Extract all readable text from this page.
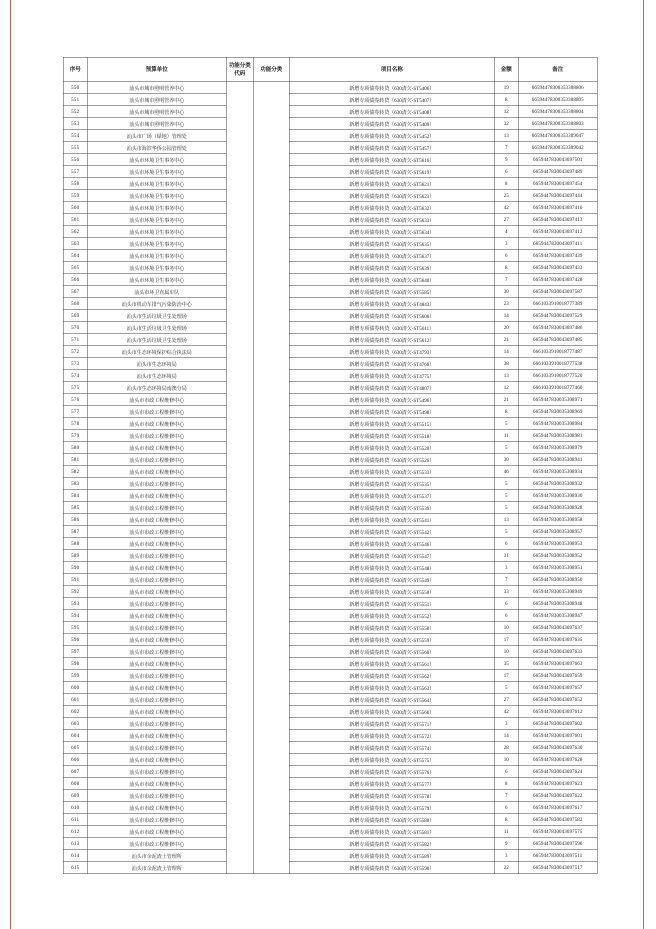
序号	预算单位	功能分类代码	功能分类	项目名称	金额	备注
550	汕头市城市照明管养中心			新增专项债券转贷（630清欠-ST5406）	19	66594478300353308806
551	汕头市城市照明管养中心			新增专项债券转贷（630清欠-ST5407）	8	66594478300353308805
552	汕头市城市照明管养中心			新增专项债券转贷（630清欠-ST5408）	12	66594478300353308804
553	汕头市城市照明管养中心			新增专项债券转贷（630清欠-ST5409）	32	66594478300353308803
554	汕头市广场（绿地）管理处			新增专项债券转贷（630清欠-ST5452）	13	66594478300353309047
555	汕头市海滨华侨公园管理处			新增专项债券转贷（630清欠-ST5457）	7	66594478300353309042
556	汕头市环境卫生事务中心			新增专项债券转贷（630清欠-ST5616）	9	6659447830043697501
557	汕头市环境卫生事务中心			新增专项债券转贷（630清欠-ST5619）	6	6659447830043697489
558	汕头市环境卫生事务中心			新增专项债券转贷（630清欠-ST5621）	8	6659447830043697454
559	汕头市环境卫生事务中心			新增专项债券转贷（630清欠-ST5623）	25	6659447830043697444
560	汕头市环境卫生事务中心			新增专项债券转贷（630清欠-ST5632）	42	6659447830043697416
561	汕头市环境卫生事务中心			新增专项债券转贷（630清欠-ST5633）	27	6659447830043697413
562	汕头市环境卫生事务中心			新增专项债券转贷（630清欠-ST5634）	4	6659447830043697412
563	汕头市环境卫生事务中心			新增专项债券转贷（630清欠-ST5635）	3	6659447830043697411
564	汕头市环境卫生事务中心			新增专项债券转贷（630清欠-ST5637）	6	6659447830043697439
565	汕头市环境卫生事务中心			新增专项债券转贷（630清欠-ST5639）	8	6659447830043697433
566	汕头市环境卫生事务中心			新增专项债券转贷（630清欠-ST5640）	7	6659447830043697428
567	汕头市环卫直属车队			新增专项债券转贷（630清欠-ST5585）	30	6659447830043697587
568	汕头市机动车排气污染防治中心			新增专项债券转贷（630清欠-ST4843）	23	6661033910018777389
569	汕头市生活垃圾卫生处理场			新增专项债券转贷（630清欠-ST5606）	14	6659447830043697529
570	汕头市生活垃圾卫生处理场			新增专项债券转贷（630清欠-ST5611）	20	6659447830043697486
571	汕头市生活垃圾卫生处理场			新增专项债券转贷（630清欠-ST5612）	21	6659447830043697485
572	汕头市生态环境保护综合执法局			新增专项债券转贷（630清欠-ST4793）	14	6661033910018777487
573	汕头市生态环境局			新增专项债券转贷（630清欠-ST4768）	38	6661033910018777538
574	汕头市生态环境局			新增专项债券转贷（630清欠-ST4775）	13	6661033910018777520
575	汕头市生态环境局南澳分局			新增专项债券转贷（630清欠-ST4807）	12	6661033910018777460
576	汕头市市政工程维修中心			新增专项债券转贷（630清欠-ST5496）	21	6659447830035308971
577	汕头市市政工程维修中心			新增专项债券转贷（630清欠-ST5498）	8	6659447830035308969
578	汕头市市政工程维修中心			新增专项债券转贷（630清欠-ST5515）	5	6659447830035308984
579	汕头市市政工程维修中心			新增专项债券转贷（630清欠-ST5518）	11	6659447830035308981
580	汕头市市政工程维修中心			新增专项债券转贷（630清欠-ST5520）	5	6659447830035308979
581	汕头市市政工程维修中心			新增专项债券转贷（630清欠-ST5526）	30	6659447830035308941
582	汕头市市政工程维修中心			新增专项债券转贷（630清欠-ST5533）	46	6659447830035308934
583	汕头市市政工程维修中心			新增专项债券转贷（630清欠-ST5535）	5	6659447830035308932
584	汕头市市政工程维修中心			新增专项债券转贷（630清欠-ST5537）	5	6659447830035308930
585	汕头市市政工程维修中心			新增专项债券转贷（630清欠-ST5539）	5	6659447830035308928
586	汕头市市政工程维修中心			新增专项债券转贷（630清欠-ST5541）	13	6659447830035308958
587	汕头市市政工程维修中心			新增专项债券转贷（630清欠-ST5542）	5	6659447830035308957
588	汕头市市政工程维修中心			新增专项债券转贷（630清欠-ST5546）	6	6659447830035308953
589	汕头市市政工程维修中心			新增专项债券转贷（630清欠-ST5547）	31	6659447830035308952
590	汕头市市政工程维修中心			新增专项债券转贷（630清欠-ST5548）	3	6659447830035308951
591	汕头市市政工程维修中心			新增专项债券转贷（630清欠-ST5549）	7	6659447830035308950
592	汕头市市政工程维修中心			新增专项债券转贷（630清欠-ST5550）	33	6659447830035308949
593	汕头市市政工程维修中心			新增专项债券转贷（630清欠-ST5551）	6	6659447830035308948
594	汕头市市政工程维修中心			新增专项债券转贷（630清欠-ST5552）	6	6659447830035308947
595	汕头市市政工程维修中心			新增专项债券转贷（630清欠-ST5558）	10	6659447830043697637
596	汕头市市政工程维修中心			新增专项债券转贷（630清欠-ST5559）	17	6659447830043697635
597	汕头市市政工程维修中心			新增专项债券转贷（630清欠-ST5560）	10	6659447830043697633
598	汕头市市政工程维修中心			新增专项债券转贷（630清欠-ST5561）	35	6659447830043697663
599	汕头市市政工程维修中心			新增专项债券转贷（630清欠-ST5562）	17	6659447830043697659
600	汕头市市政工程维修中心			新增专项债券转贷（630清欠-ST5563）	5	6659447830043697657
601	汕头市市政工程维修中心			新增专项债券转贷（630清欠-ST5564）	27	6659447830043697652
602	汕头市市政工程维修中心			新增专项债券转贷（630清欠-ST5566）	42	6659447830043697612
603	汕头市市政工程维修中心			新增专项债券转贷（630清欠-ST5571）	3	6659447830043697602
604	汕头市市政工程维修中心			新增专项债券转贷（630清欠-ST5572）	14	6659447830043697601
605	汕头市市政工程维修中心			新增专项债券转贷（630清欠-ST5574）	28	6659447830043697630
606	汕头市市政工程维修中心			新增专项债券转贷（630清欠-ST5575）	10	6659447830043697628
607	汕头市市政工程维修中心			新增专项债券转贷（630清欠-ST5576）	6	6659447830043697624
608	汕头市市政工程维修中心			新增专项债券转贷（630清欠-ST5577）	8	6659447830043697623
609	汕头市市政工程维修中心			新增专项债券转贷（630清欠-ST5578）	7	6659447830043697622
610	汕头市市政工程维修中心			新增专项债券转贷（630清欠-ST5579）	6	6659447830043697617
611	汕头市市政工程维修中心			新增专项债券转贷（630清欠-ST5580）	8	6659447830043697582
612	汕头市市政工程维修中心			新增专项债券转贷（630清欠-ST5581）	11	6659447830043697575
613	汕头市市政工程维修中心			新增专项债券转贷（630清欠-ST5582）	9	6659447830043697596
614	汕头市余泥渣土管理所			新增专项债券转贷（630清欠-ST5589）	3	6659447830043697511
615	汕头市余泥渣土管理所			新增专项债券转贷（630清欠-ST5590）	22	6659447830043697517
